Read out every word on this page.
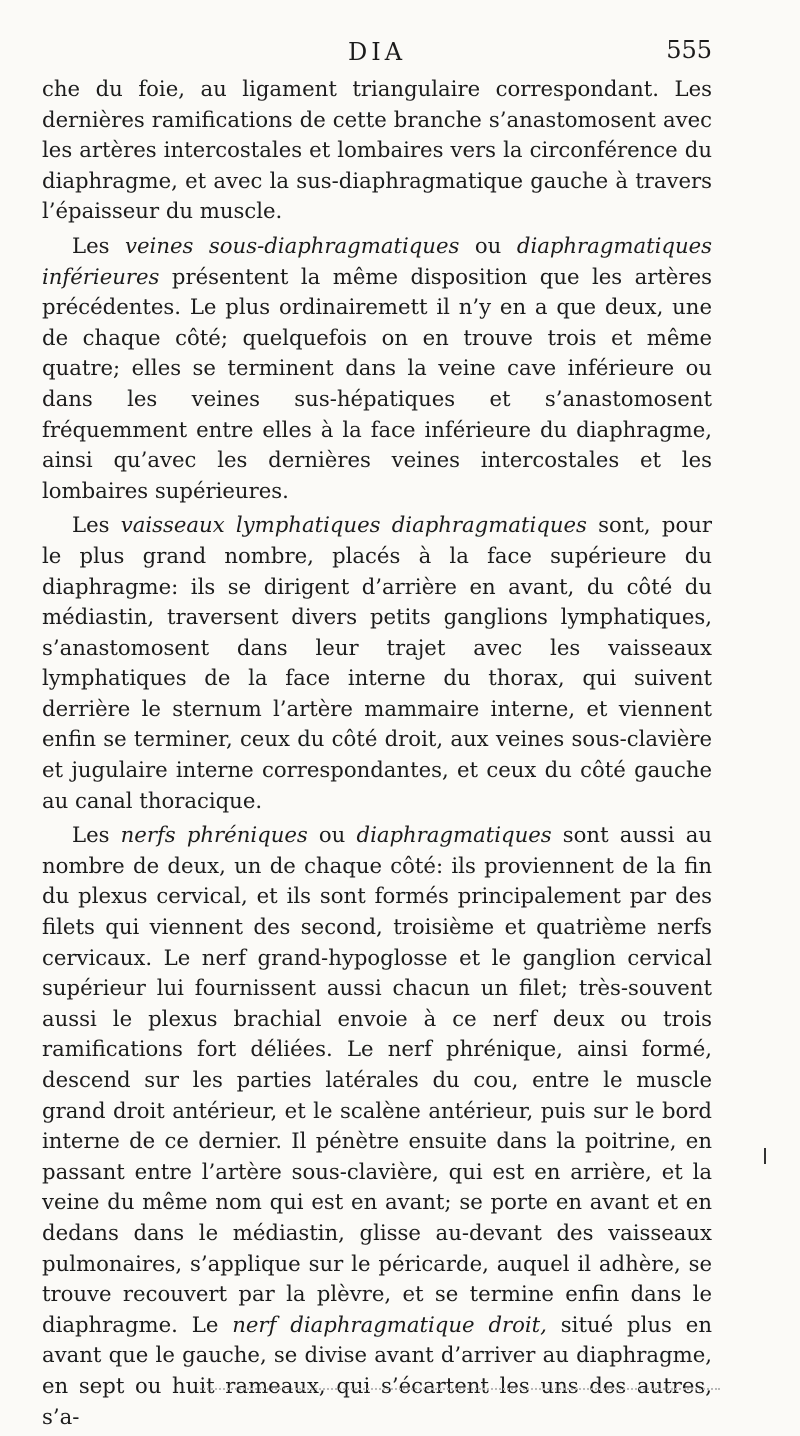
DIA	555

che du foie, au ligament triangulaire correspondant. Les dernières ramifications de cette branche s’anastomosent avec les artères intercostales et lombaires vers la circonférence du diaphragme, et avec la sus-diaphragmatique gauche à travers l’épaisseur du muscle.

Les veines sous-diaphragmatiques ou diaphragmatiques inférieures présentent la même disposition que les artères précédentes. Le plus ordinairemett il n’y en a que deux, une de chaque côté; quelquefois on en trouve trois et même quatre; elles se terminent dans la veine cave inférieure ou dans les veines sus-hépatiques et s’anastomosent fréquemment entre elles à la face inférieure du diaphragme, ainsi qu’avec les dernières veines intercostales et les lombaires supérieures.

Les vaisseaux lymphatiques diaphragmatiques sont, pour le plus grand nombre, placés à la face supérieure du diaphragme: ils se dirigent d’arrière en avant, du côté du médiastin, traversent divers petits ganglions lymphatiques, s’anastomosent dans leur trajet avec les vaisseaux lymphatiques de la face interne du thorax, qui suivent derrière le sternum l’artère mammaire interne, et viennent enfin se terminer, ceux du côté droit, aux veines sous-clavière et jugulaire interne correspondantes, et ceux du côté gauche au canal thoracique.

Les nerfs phréniques ou diaphragmatiques sont aussi au nombre de deux, un de chaque côté: ils proviennent de la fin du plexus cervical, et ils sont formés principalement par des filets qui viennent des second, troisième et quatrième nerfs cervicaux. Le nerf grand-hypoglosse et le ganglion cervical supérieur lui fournissent aussi chacun un filet; très-souvent aussi le plexus brachial envoie à ce nerf deux ou trois ramifications fort déliées. Le nerf phrénique, ainsi formé, descend sur les parties latérales du cou, entre le muscle grand droit antérieur, et le scalène antérieur, puis sur le bord interne de ce dernier. Il pénètre ensuite dans la poitrine, en passant entre l’artère sous-clavière, qui est en arrière, et la veine du même nom qui est en avant; se porte en avant et en dedans dans le médiastin, glisse au-devant des vaisseaux pulmonaires, s’applique sur le péricarde, auquel il adhère, se trouve recouvert par la plèvre, et se termine enfin dans le diaphragme. Le nerf diaphragmatique droit, situé plus en avant que le gauche, se divise avant d’arriver au diaphragme, en sept ou huit rameaux, qui s’écartent les uns des autres, s’a-
